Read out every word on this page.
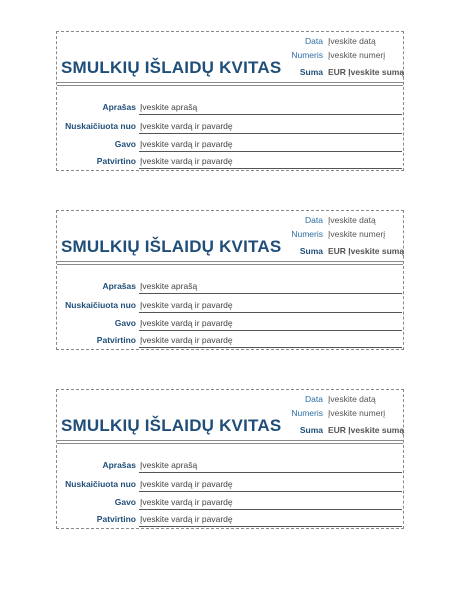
SMULKIŲ IŠLAIDŲ KVITAS
Data Įveskite datą
Numeris Įveskite numerį
Suma EUR Įveskite sumą
Aprašas Įveskite aprašą
Nuskaičiuota nuo Įveskite vardą ir pavardę
Gavo Įveskite vardą ir pavardę
Patvirtino Įveskite vardą ir pavardę
SMULKIŲ IŠLAIDŲ KVITAS
Data Įveskite datą
Numeris Įveskite numerį
Suma EUR Įveskite sumą
Aprašas Įveskite aprašą
Nuskaičiuota nuo Įveskite vardą ir pavardę
Gavo Įveskite vardą ir pavardę
Patvirtino Įveskite vardą ir pavardę
SMULKIŲ IŠLAIDŲ KVITAS
Data Įveskite datą
Numeris Įveskite numerį
Suma EUR Įveskite sumą
Aprašas Įveskite aprašą
Nuskaičiuota nuo Įveskite vardą ir pavardę
Gavo Įveskite vardą ir pavardę
Patvirtino Įveskite vardą ir pavardę
